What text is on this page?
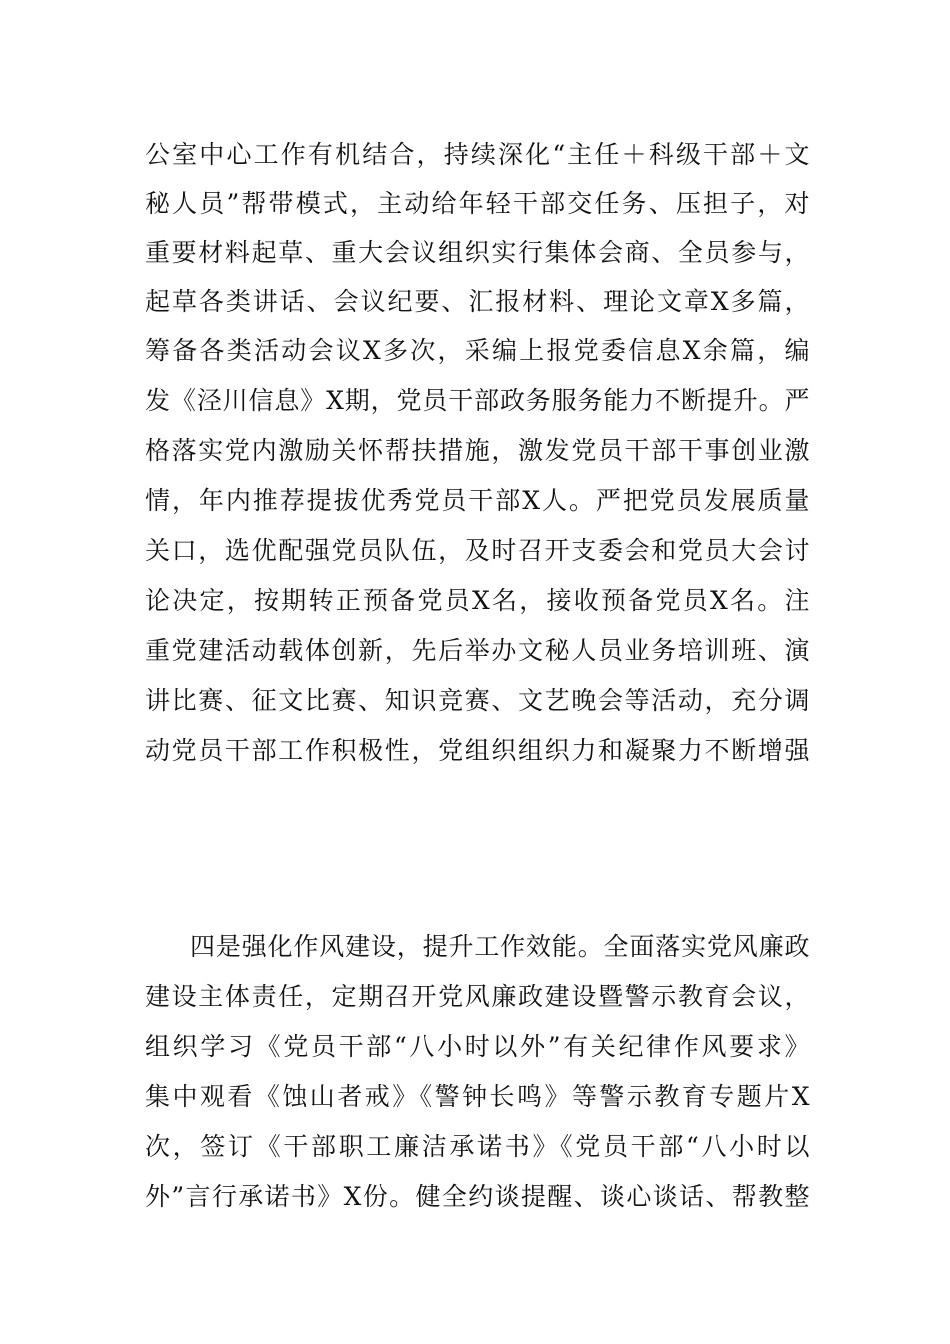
公室中心工作有机结合，持续深化“主任＋科级干部＋文
秘人员”帮带模式，主动给年轻干部交任务、压担子，对
重要材料起草、重大会议组织实行集体会商、全员参与，
起草各类讲话、会议纪要、汇报材料、理论文章X多篇，
筹备各类活动会议X多次，采编上报党委信息X余篇，编
发《泾川信息》X期，党员干部政务服务能力不断提升。严
格落实党内激励关怀帮扶措施，激发党员干部干事创业激
情，年内推荐提拔优秀党员干部X人。严把党员发展质量
关口，选优配强党员队伍，及时召开支委会和党员大会讨
论决定，按期转正预备党员X名，接收预备党员X名。注
重党建活动载体创新，先后举办文秘人员业务培训班、演
讲比赛、征文比赛、知识竞赛、文艺晚会等活动，充分调
动党员干部工作积极性，党组织组织力和凝聚力不断增强
四是强化作风建设，提升工作效能。全面落实党风廉政
建设主体责任，定期召开党风廉政建设暨警示教育会议，
组织学习《党员干部“八小时以外”有关纪律作风要求》
集中观看《蚀山者戒》《警钟长鸣》等警示教育专题片X
次，签订《干部职工廉洁承诺书》《党员干部“八小时以
外”言行承诺书》X份。健全约谈提醒、谈心谈话、帮教整
